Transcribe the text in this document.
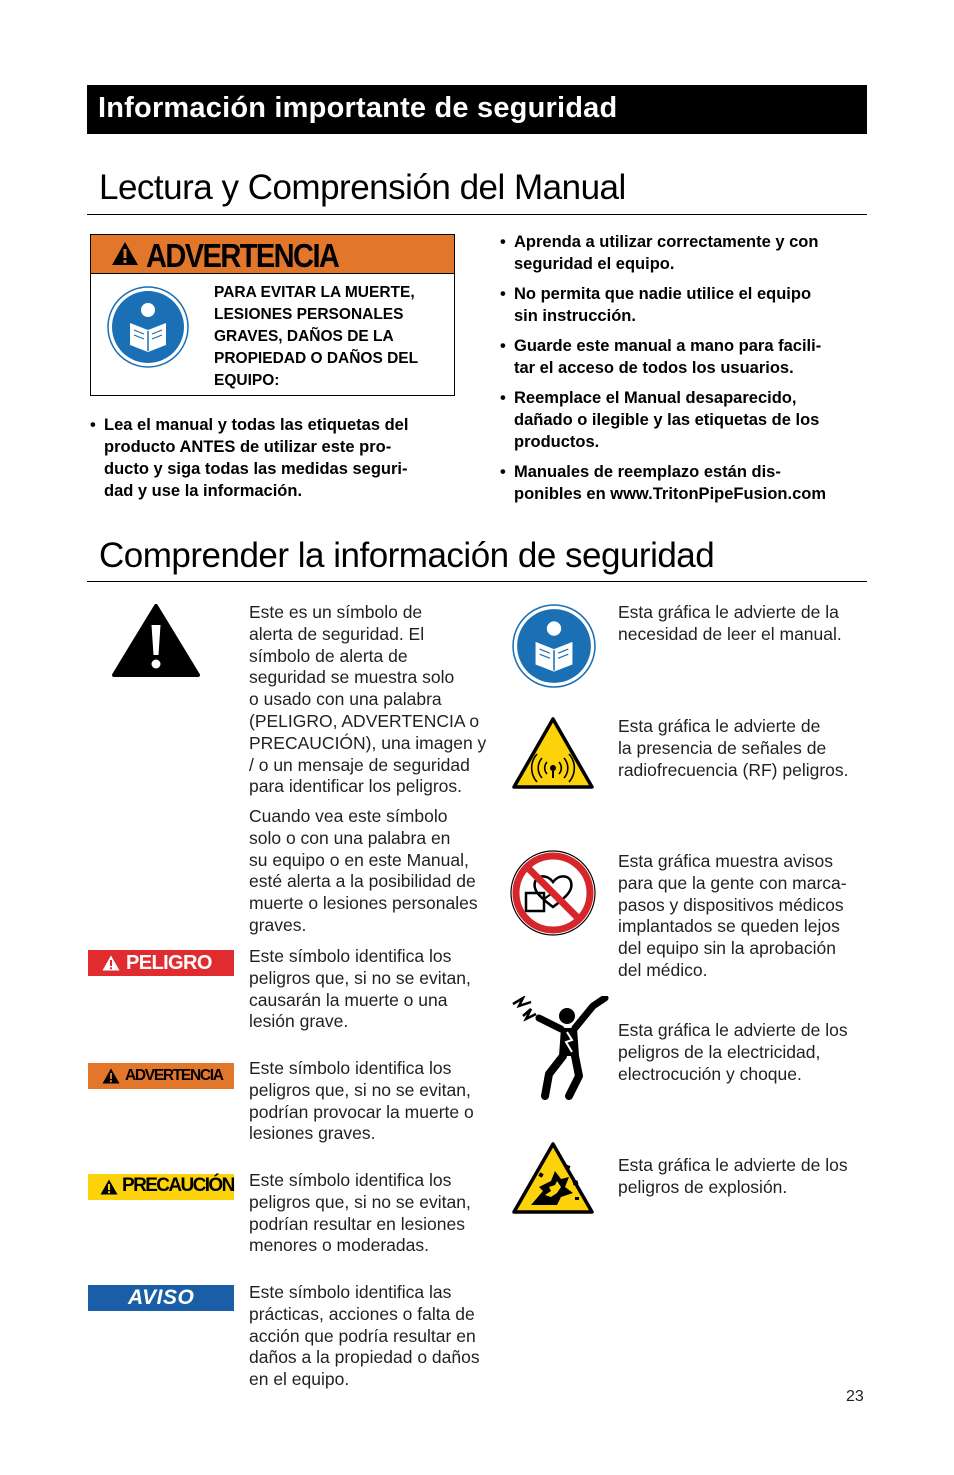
Información importante de seguridad
Lectura y Comprensión del Manual
ADVERTENCIA
PARA EVITAR LA MUERTE,
LESIONES PERSONALES
GRAVES, DAÑOS DE LA
PROPIEDAD O DAÑOS DEL
EQUIPO:
• Lea el manual y todas las etiquetas del
producto ANTES de utilizar este pro-
ducto y siga todas las medidas seguri-
dad y use la información.
• Aprenda a utilizar correctamente y con
seguridad el equipo.
• No permita que nadie utilice el equipo
sin instrucción.
• Guarde este manual a mano para facili-
tar el acceso de todos los usuarios.
• Reemplace el Manual desaparecido,
dañado o ilegible y las etiquetas de los
productos.
• Manuales de reemplazo están dis-
ponibles en www.TritonPipeFusion.com
Comprender la información de seguridad
Este es un símbolo de
alerta de seguridad. El
símbolo de alerta de
seguridad se muestra solo
o usado con una palabra
(PELIGRO, ADVERTENCIA o
PRECAUCIÓN), una imagen y
/ o un mensaje de seguridad
para identificar los peligros.
Cuando vea este símbolo
solo o con una palabra en
su equipo o en este Manual,
esté alerta a la posibilidad de
muerte o lesiones personales
graves.
PELIGRO Este símbolo identifica los
peligros que, si no se evitan,
causarán la muerte o una
lesión grave.
ADVERTENCIA Este símbolo identifica los
peligros que, si no se evitan,
podrían provocar la muerte o
lesiones graves.
PRECAUCIÓN Este símbolo identifica los
peligros que, si no se evitan,
podrían resultar en lesiones
menores o moderadas.
AVISO	Este símbolo identifica las
prácticas, acciones o falta de
acción que podría resultar en
daños a la propiedad o daños
en el equipo.
Esta gráfica le advierte de la
necesidad de leer el manual.
Esta gráfica le advierte de
la presencia de señales de
radiofrecuencia (RF) peligros.
Esta gráfica muestra avisos
para que la gente con marca-
pasos y dispositivos médicos
implantados se queden lejos
del equipo sin la aprobación
del médico.
Esta gráfica le advierte de los
peligros de la electricidad,
electrocución y choque.
Esta gráfica le advierte de los
peligros de explosión.
23
